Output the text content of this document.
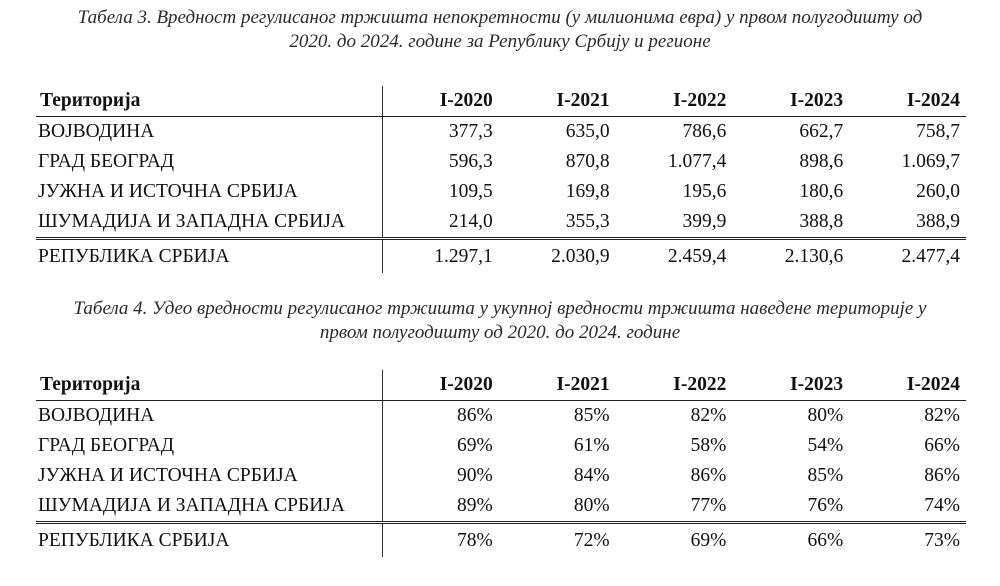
Табела 3. Вредност регулисаног тржишта непокретности (у милионима евра) у првом полугодишту од
2020. до 2024. године за Републику Србију и регионе
Територија	I-2020	I-2021	I-2022	I-2023	I-2024
ВОЈВОДИНА	377,3	635,0	786,6	662,7	758,7
ГРАД БЕОГРАД	596,3	870,8	1.077,4	898,6	1.069,7
ЈУЖНА И ИСТОЧНА СРБИЈА	109,5	169,8	195,6	180,6	260,0
ШУМАДИЈА И ЗАПАДНА СРБИЈА	214,0	355,3	399,9	388,8	388,9
РЕПУБЛИКА СРБИЈА	1.297,1	2.030,9	2.459,4	2.130,6	2.477,4
Табела 4. Удео вредности регулисаног тржишта у укупној вредности тржишта наведене територије у
првом полугодишту од 2020. до 2024. године
Територија	I-2020	I-2021	I-2022	I-2023	I-2024
ВОЈВОДИНА	86%	85%	82%	80%	82%
ГРАД БЕОГРАД	69%	61%	58%	54%	66%
ЈУЖНА И ИСТОЧНА СРБИЈА	90%	84%	86%	85%	86%
ШУМАДИЈА И ЗАПАДНА СРБИЈА	89%	80%	77%	76%	74%
РЕПУБЛИКА СРБИЈА	78%	72%	69%	66%	73%
